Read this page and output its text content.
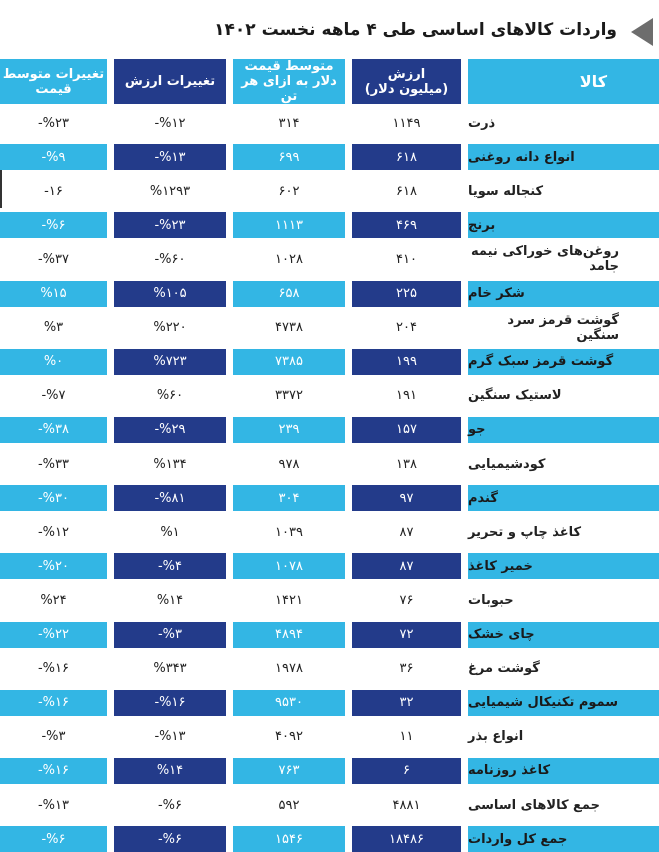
واردات کالاهای اساسی طی ۴ ماهه نخست ۱۴۰۲
کالا
ارزش
(میلیون دلار)
متوسط قیمت
دلار به ازای هر تن
تغییرات ارزش
تغییرات متوسط
قیمت
ذرت
۱۱۴۹
۳۱۴
-%۱۲
-%۲۳
انواع دانه روغنی
۶۱۸
۶۹۹
-%۱۳
-%۹
کنجاله سویا
۶۱۸
۶۰۲
%۱۲۹۳
-۱۶
برنج
۴۶۹
۱۱۱۳
-%۲۳
-%۶
روغن‌های خوراکی نیمه جامد
۴۱۰
۱۰۲۸
-%۶۰
-%۳۷
شکر خام
۲۲۵
۶۵۸
%۱۰۵
%۱۵
گوشت قرمز سرد سنگین
۲۰۴
۴۷۳۸
%۲۲۰
%۳
گوشت قرمز سبک گرم
۱۹۹
۷۳۸۵
%۷۲۳
%۰
لاستیک سنگین
۱۹۱
۳۳۷۲
%۶۰
-%۷
جو
۱۵۷
۲۳۹
-%۲۹
-%۳۸
کودشیمیایی
۱۳۸
۹۷۸
%۱۳۴
-%۳۳
گندم
۹۷
۳۰۴
-%۸۱
-%۳۰
کاغذ چاپ و تحریر
۸۷
۱۰۳۹
%۱
-%۱۲
خمیر کاغذ
۸۷
۱۰۷۸
-%۴
-%۲۰
حبوبات
۷۶
۱۴۲۱
%۱۴
%۲۴
چای خشک
۷۲
۴۸۹۴
-%۳
-%۲۲
گوشت مرغ
۳۶
۱۹۷۸
%۳۴۳
-%۱۶
سموم تکنیکال شیمیایی
۳۲
۹۵۳۰
-%۱۶
-%۱۶
انواع بذر
۱۱
۴۰۹۲
-%۱۳
-%۳
کاغذ روزنامه
۶
۷۶۳
%۱۴
-%۱۶
جمع کالاهای اساسی
۴۸۸۱
۵۹۲
-%۶
-%۱۳
جمع کل واردات
۱۸۴۸۶
۱۵۴۶
-%۶
-%۶
